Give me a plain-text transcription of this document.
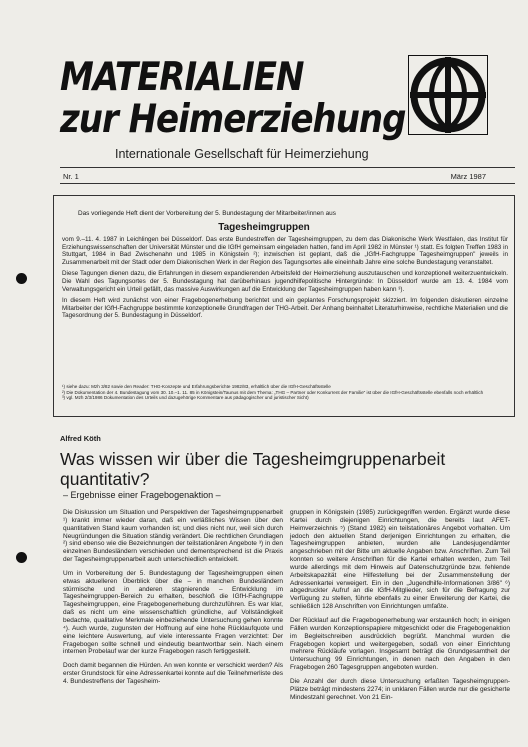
MATERIALIEN
zur Heimerziehung
Internationale Gesellschaft für Heimerziehung
Nr. 1	März 1987
Das vorliegende Heft dient der Vorbereitung der 5. Bundestagung der Mitarbeiter/innen aus
Tagesheimgruppen

vom 9.–11. 4. 1987 in Leichlingen bei Düsseldorf. Das erste Bundestreffen der Tagesheimgruppen, zu dem das Diakonische Werk Westfalen, das Institut für Erziehungswissenschaften der Universität Münster und die IGfH gemeinsam eingeladen hatten, fand im April 1982 in Münster ¹) statt. Es folgten Treffen 1983 in Stuttgart, 1984 in Bad Zwischenahn und 1985 in Königstein ²); inzwischen ist geplant, daß die „IGfH-Fachgruppe Tagesheimgruppen" jeweils in Zusammenarbeit mit der Stadt oder dem Diakonischen Werk in der Region des Tagungsortes alle eineinhalb Jahre eine solche Bundestagung veranstaltet.

Diese Tagungen dienen dazu, die Erfahrungen in diesem expandierenden Arbeitsfeld der Heimerziehung auszutauschen und konzeptionell weiterzuentwickeln. Die Wahl des Tagungsortes der 5. Bundestagung hat darüberhinaus jugendhilfepolitische Hintergründe: In Düsseldorf wurde am 13. 4. 1984 vom Verwaltungsgericht ein Urteil gefällt, das massive Auswirkungen auf die Entwicklung der Tagesheimgruppen haben kann ³).

In diesem Heft wird zunächst von einer Fragebogenerhebung berichtet und ein geplantes Forschungsprojekt skizziert. Im folgenden diskutieren einzelne Mitarbeiter der IGfH-Fachgruppe bestimmte konzeptionelle Grundfragen der THG-Arbeit. Der Anhang beinhaltet Literaturhinweise, rechtliche Materialien und die Tagesordnung der 5. Bundestagung in Düsseldorf.

¹) siehe dazu: Mzh 3/82 sowie den Reader: THG-Konzepte und Erfahrungsberichte 1982/83, erhältlich über die IGfH-Geschäftsstelle
²) Die Dokumentation der 4. Bundestagung vom 30. 10.–1. 11. 85 in Königstein/Taunus mit dem Thema: „THG – Partner oder Konkurrent der Familie" ist über die IGfH-Geschäftsstelle ebenfalls noch erhältlich
³) vgl. Mzh 2/3/1986 Dokumentation des Urteils und dazugehörige Kommentare aus pädagogischer und juristischer Sicht)
Alfred Köth
Was wissen wir über die Tagesheimgruppenarbeit quantitativ?
– Ergebnisse einer Fragebogenaktion –

Die Diskussion um Situation und Perspektiven der Tagesheimgruppenarbeit ¹) krankt immer wieder daran, daß ein verläßliches Wissen über den quantitativen Stand kaum vorhanden ist; und dies nicht nur, weil sich durch Neugründungen die Situation ständig verändert. Die rechtlichen Grundlagen ²) sind ebenso wie die Bezeichnungen der teilstationären Angebote ³) in den einzelnen Bundesländern verschieden und dementsprechend ist die Praxis der Tagesheimgruppenarbeit auch unterschiedlich entwickelt.

Um in Vorbereitung der 5. Bundestagung der Tagesheimgruppen einen etwas aktuelleren Überblick über die – in manchen Bundesländern stürmische und in anderen stagnierende – Entwicklung im Tagesheimgruppen-Bereich zu erhalten, beschloß die IGfH-Fachgruppe Tagesheimgruppen, eine Fragebogenerhebung durchzuführen. Es war klar, daß es nicht um eine wissenschaftlich gründliche, auf Vollständigkeit bedachte, qualitative Merkmale einbeziehende Untersuchung gehen konnte ⁴). Auch wurde, zugunsten der Hoffnung auf eine hohe Rücklaufquote und eine leichtere Auswertung, auf viele interessante Fragen verzichtet: Der Fragebogen sollte schnell und eindeutig beantwortbar sein. Nach einem internen Probelauf war der kurze Fragebogen rasch fertiggestellt.

Doch damit begannen die Hürden. An wen konnte er verschickt werden? Als erster Grundstock für eine Adressenkartei konnte auf die Teilnehmerliste des 4. Bundestreffens der Tagesheim-

gruppen in Königstein (1985) zurückgegriffen werden. Ergänzt wurde diese Kartei durch diejenigen Einrichtungen, die bereits laut AFET-Heimverzeichnis ⁵) (Stand 1982) ein teilstationäres Angebot vorhalten. Um jedoch den aktuellen Stand derjenigen Einrichtungen zu erhalten, die Tagesheimgruppen anbieten, wurden alle Landesjugendämter angeschrieben mit der Bitte um aktuelle Angaben bzw. Anschriften. Zum Teil konnten so weitere Anschriften für die Kartei erhalten werden, zum Teil wurde allerdings mit dem Hinweis auf Datenschutzgründe bzw. fehlende Arbeitskapazität eine Hilfestellung bei der Zusammenstellung der Adressenkartei verweigert. Ein in den „Jugendhilfe-Informationen 3/86" ⁶) abgedruckter Aufruf an die IGfH-Mitglieder, sich für die Befragung zur Verfügung zu stellen, führte ebenfalls zu einer Erweiterung der Kartei, die schließlich 128 Anschriften von Einrichtungen umfaßte.

Der Rücklauf auf die Fragebogenerhebung war erstaunlich hoch; in einigen Fällen wurden Konzeptionspapiere mitgeschickt oder die Fragebogenaktion im Begleitschreiben ausdrücklich begrüßt. Manchmal wurden die Fragebogen kopiert und weitergegeben, sodaß von einer Einrichtung mehrere Rückläufe vorlagen. Insgesamt beträgt die Grundgesamtheit der Untersuchung 99 Einrichtungen, in denen nach den Angaben in den Fragebogen 260 Tagesgruppen angeboten wurden.

Die Anzahl der durch diese Untersuchung erfaßten Tagesheimgruppen-Plätze beträgt mindestens 2274; in unklaren Fällen wurde nur die gesicherte Mindestzahl gerechnet. Von 21 Ein-
